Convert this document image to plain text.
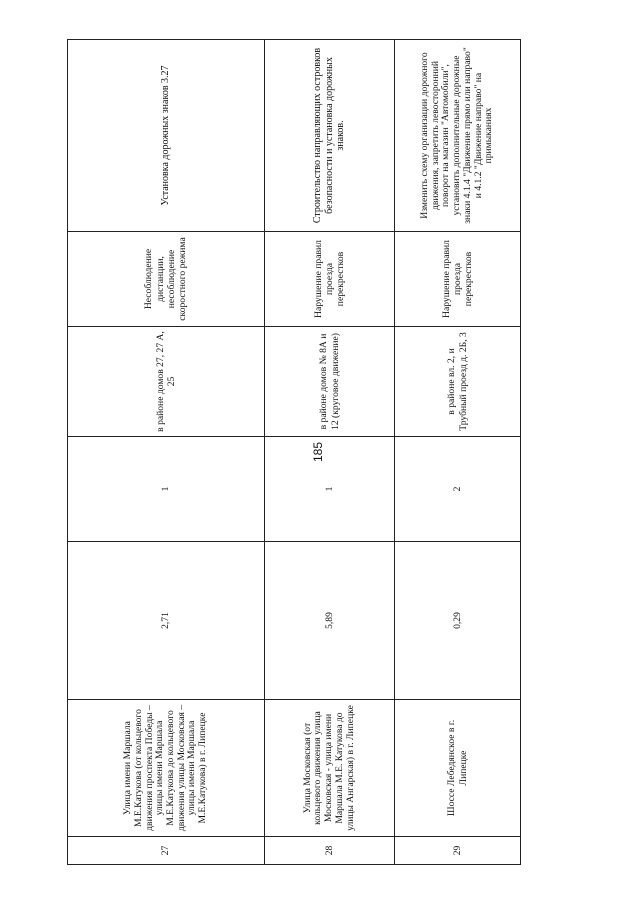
185
27	Улица имени Маршала М.Е.Катукова (от кольцевого движения проспекта Победы – улицы имени Маршала М.Е.Катукова до кольцевого движения улицы Московская – улицы имени Маршала М.Е.Катукова) в г. Липецке	2,71	1	в районе домов 27, 27 А, 25	Несоблюдение дистанции, несоблюдение скоростного режима	Установка дорожных знаков 3.27
28	Улица Московская (от кольцевого движения улица Московская - улица имени Маршала М.Е. Катукова до улицы Ангарская) в г. Липецке	5,89	1	в районе домов № 8А и 12 (круговое движение)	Нарушение правил проезда перекрестков	Строительство направляющих островков безопасности и установка дорожных знаков.
29	Шоссе Лебедянское в г. Липецке	0,29	2	в районе вл. 2, и Трубный проезд д. 2Б, 3	Нарушение правил проезда перекрестков	Изменить схему организации дорожного движения, запретить левосторонний поворот на магазин "Автомобили", установить дополнительные дорожные знаки 4.1.4 "Движение прямо или направо" и 4.1.2 "Движение направо" на примыканиях
